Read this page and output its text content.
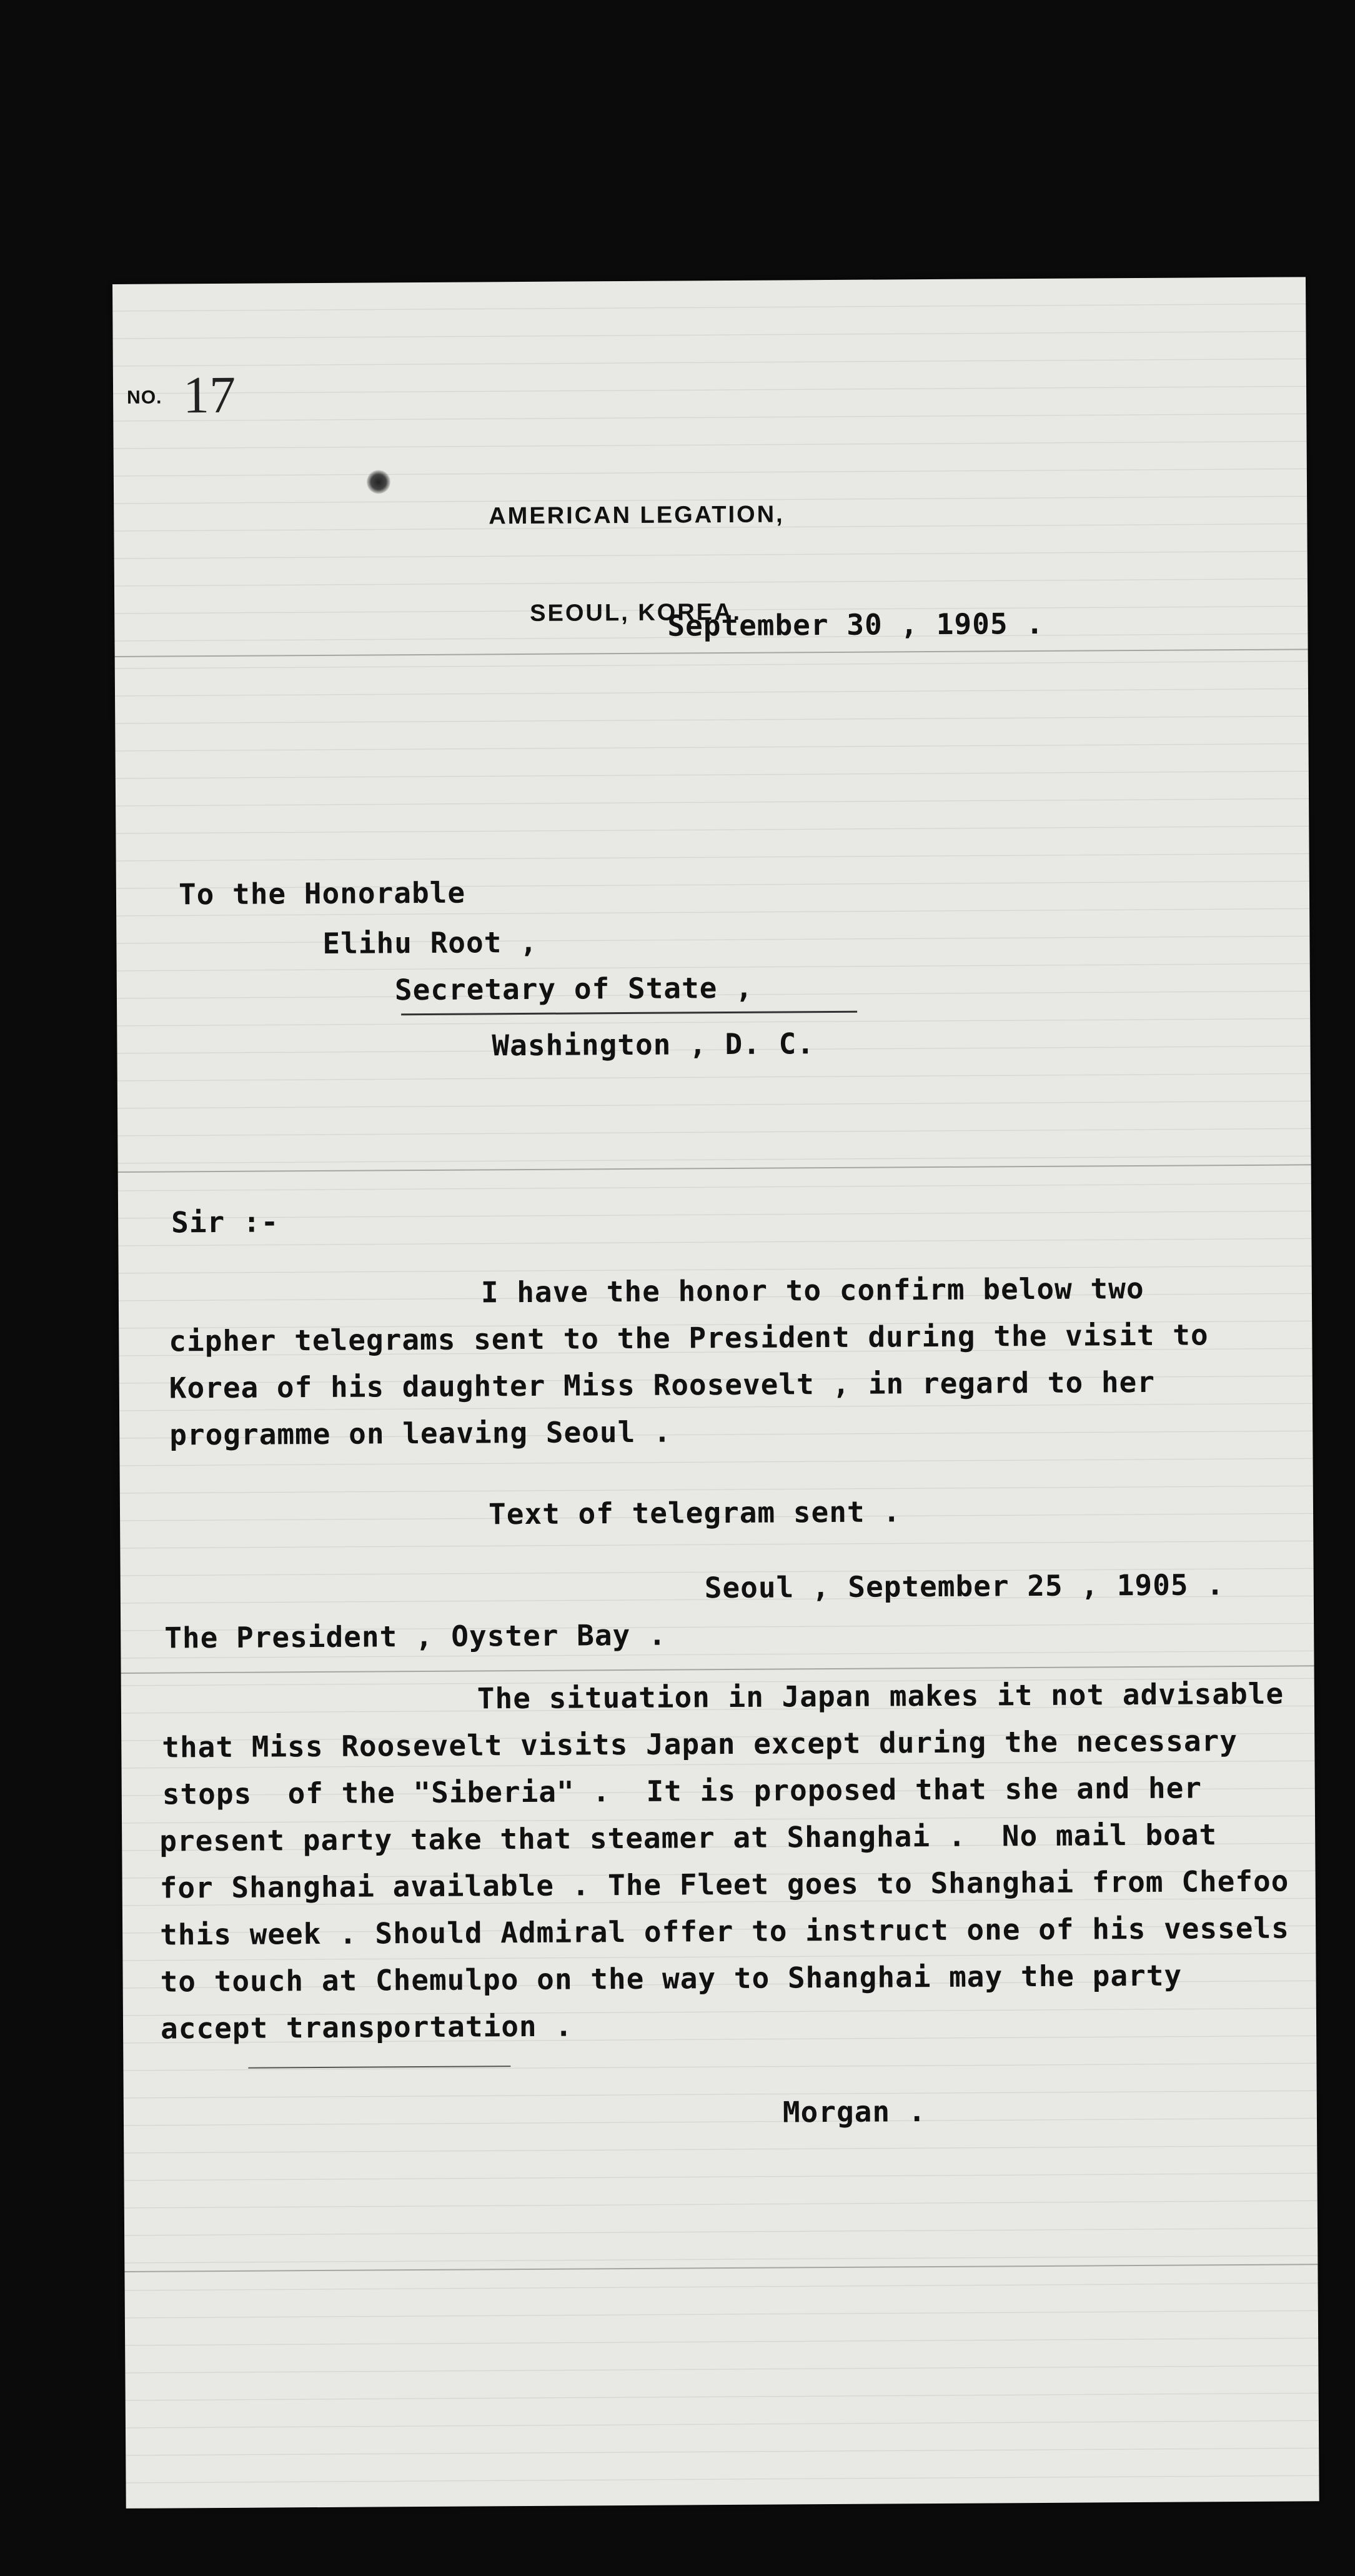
NO. 17

AMERICAN LEGATION,

SEOUL, KOREA.

September 30 , 1905 .
To the Honorable
Elihu Root ,
Secretary of State ,
Washington , D. C.
Sir :-
I have the honor to confirm below two
cipher telegrams sent to the President during the visit to
Korea of his daughter Miss Roosevelt , in regard to her
programme on leaving Seoul .
Text of telegram sent .
Seoul , September 25 , 1905 .
The President , Oyster Bay .
The situation in Japan makes it not advisable
that Miss Roosevelt visits Japan except during the necessary
stops  of the "Siberia" .  It is proposed that she and her
present party take that steamer at Shanghai .  No mail boat
for Shanghai available . The Fleet goes to Shanghai from Chefoo
this week . Should Admiral offer to instruct one of his vessels
to touch at Chemulpo on the way to Shanghai may the party
accept transportation .
Morgan .
